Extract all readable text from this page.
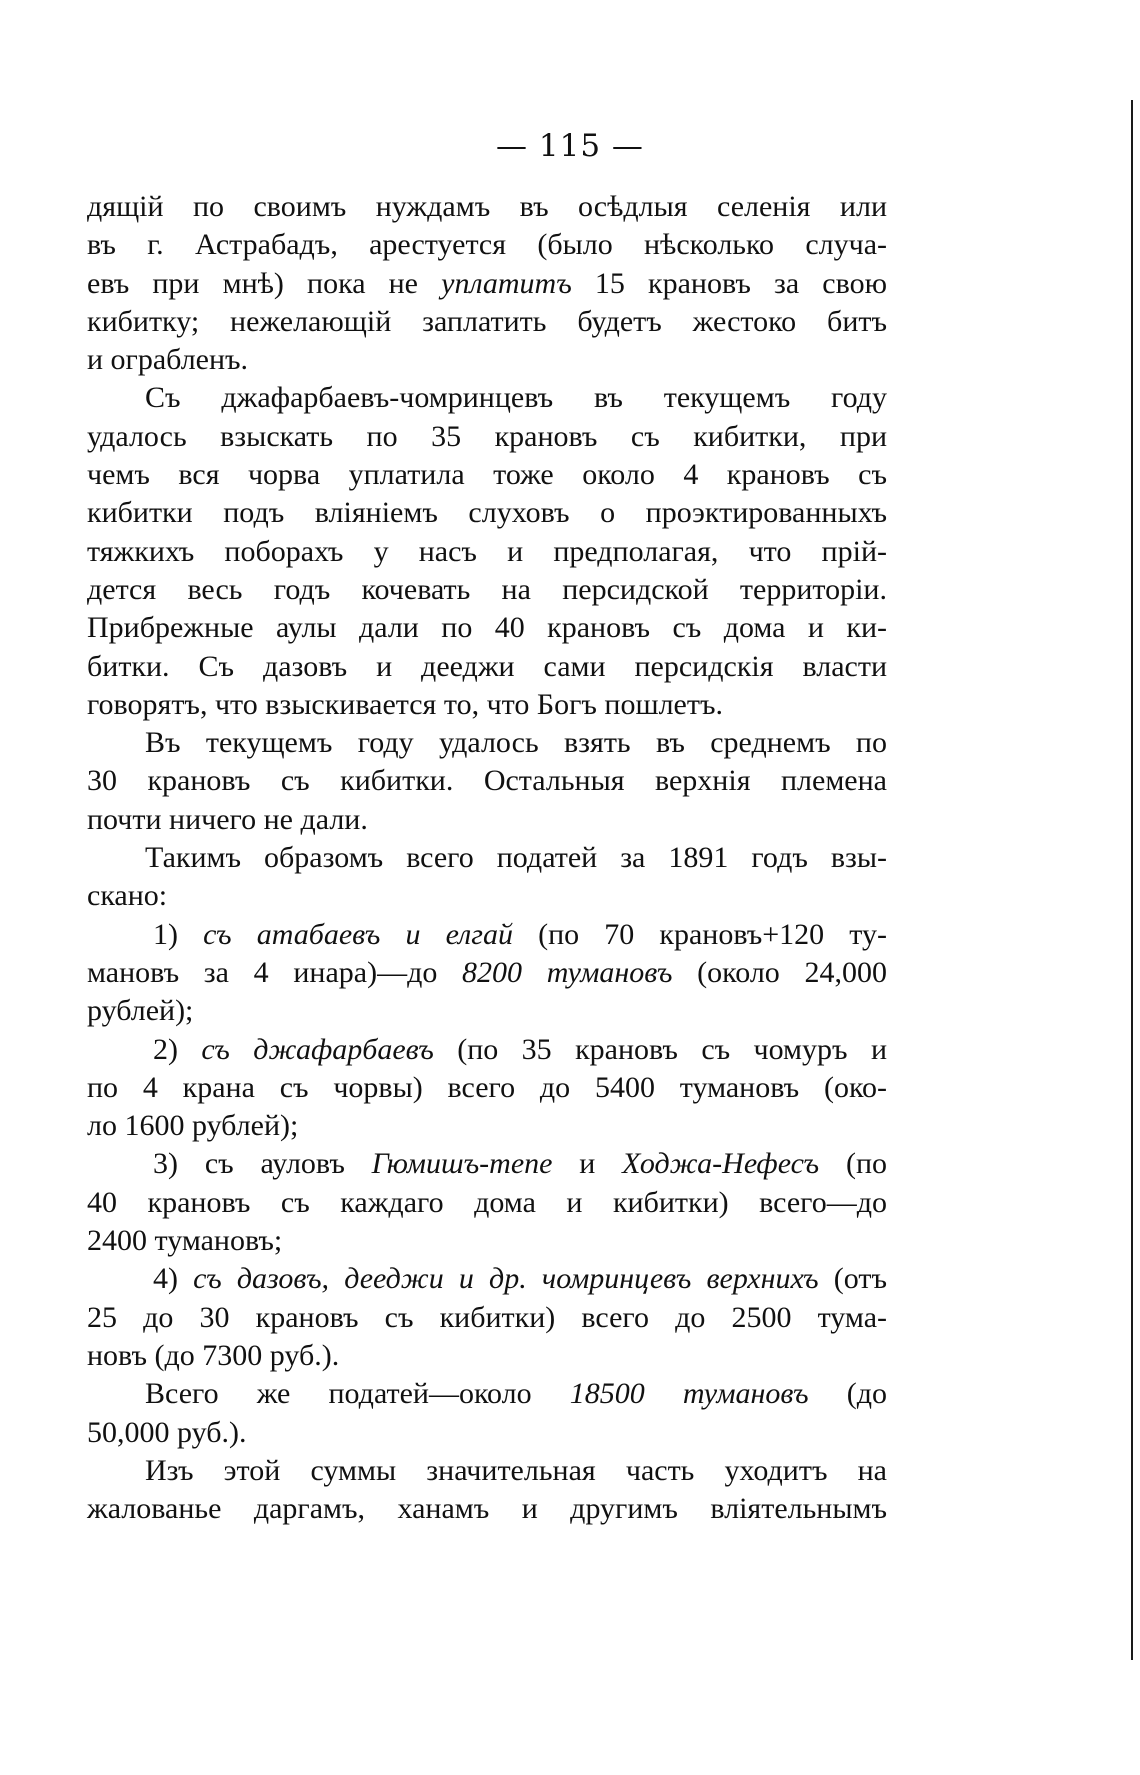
— 115 —
дящій по своимъ нуждамъ въ осѣдлыя селенія или
въ г. Астрабадъ, арестуется (было нѣсколько случа-
евъ при мнѣ) пока не уплатитъ 15 крановъ за свою
кибитку; нежелающій заплатить будетъ жестоко битъ
и ограбленъ.
Съ джафарбаевъ-чомринцевъ въ текущемъ году
удалось взыскать по 35 крановъ съ кибитки, при
чемъ вся чорва уплатила тоже около 4 крановъ съ
кибитки подъ вліяніемъ слуховъ о проэктированныхъ
тяжкихъ поборахъ у насъ и предполагая, что прій-
дется весь годъ кочевать на персидской территоріи.
Прибрежные аулы дали по 40 крановъ съ дома и ки-
битки. Съ дазовъ и дееджи сами персидскія власти
говорятъ, что взыскивается то, что Богъ пошлетъ.
Въ текущемъ году удалось взять въ среднемъ по
30 крановъ съ кибитки. Остальныя верхнія племена
почти ничего не дали.
Такимъ образомъ всего податей за 1891 годъ взы-
скано:
1) съ атабаевъ и елгай (по 70 крановъ+120 ту-
мановъ за 4 инара)—до 8200 тумановъ (около 24,000
рублей);
2) съ джафарбаевъ (по 35 крановъ съ чомуръ и
по 4 крана съ чорвы) всего до 5400 тумановъ (око-
ло 1600 рублей);
3) съ ауловъ Гюмишъ-тепе и Ходжа-Нефесъ (по
40 крановъ съ каждаго дома и кибитки) всего—до
2400 тумановъ;
4) съ дазовъ, дееджи и др. чомринцевъ верхнихъ (отъ
25 до 30 крановъ съ кибитки) всего до 2500 тума-
новъ (до 7300 руб.).
Всего же податей—около 18500 тумановъ (до
50,000 руб.).
Изъ этой суммы значительная часть уходитъ на
жалованье даргамъ, ханамъ и другимъ вліятельнымъ
